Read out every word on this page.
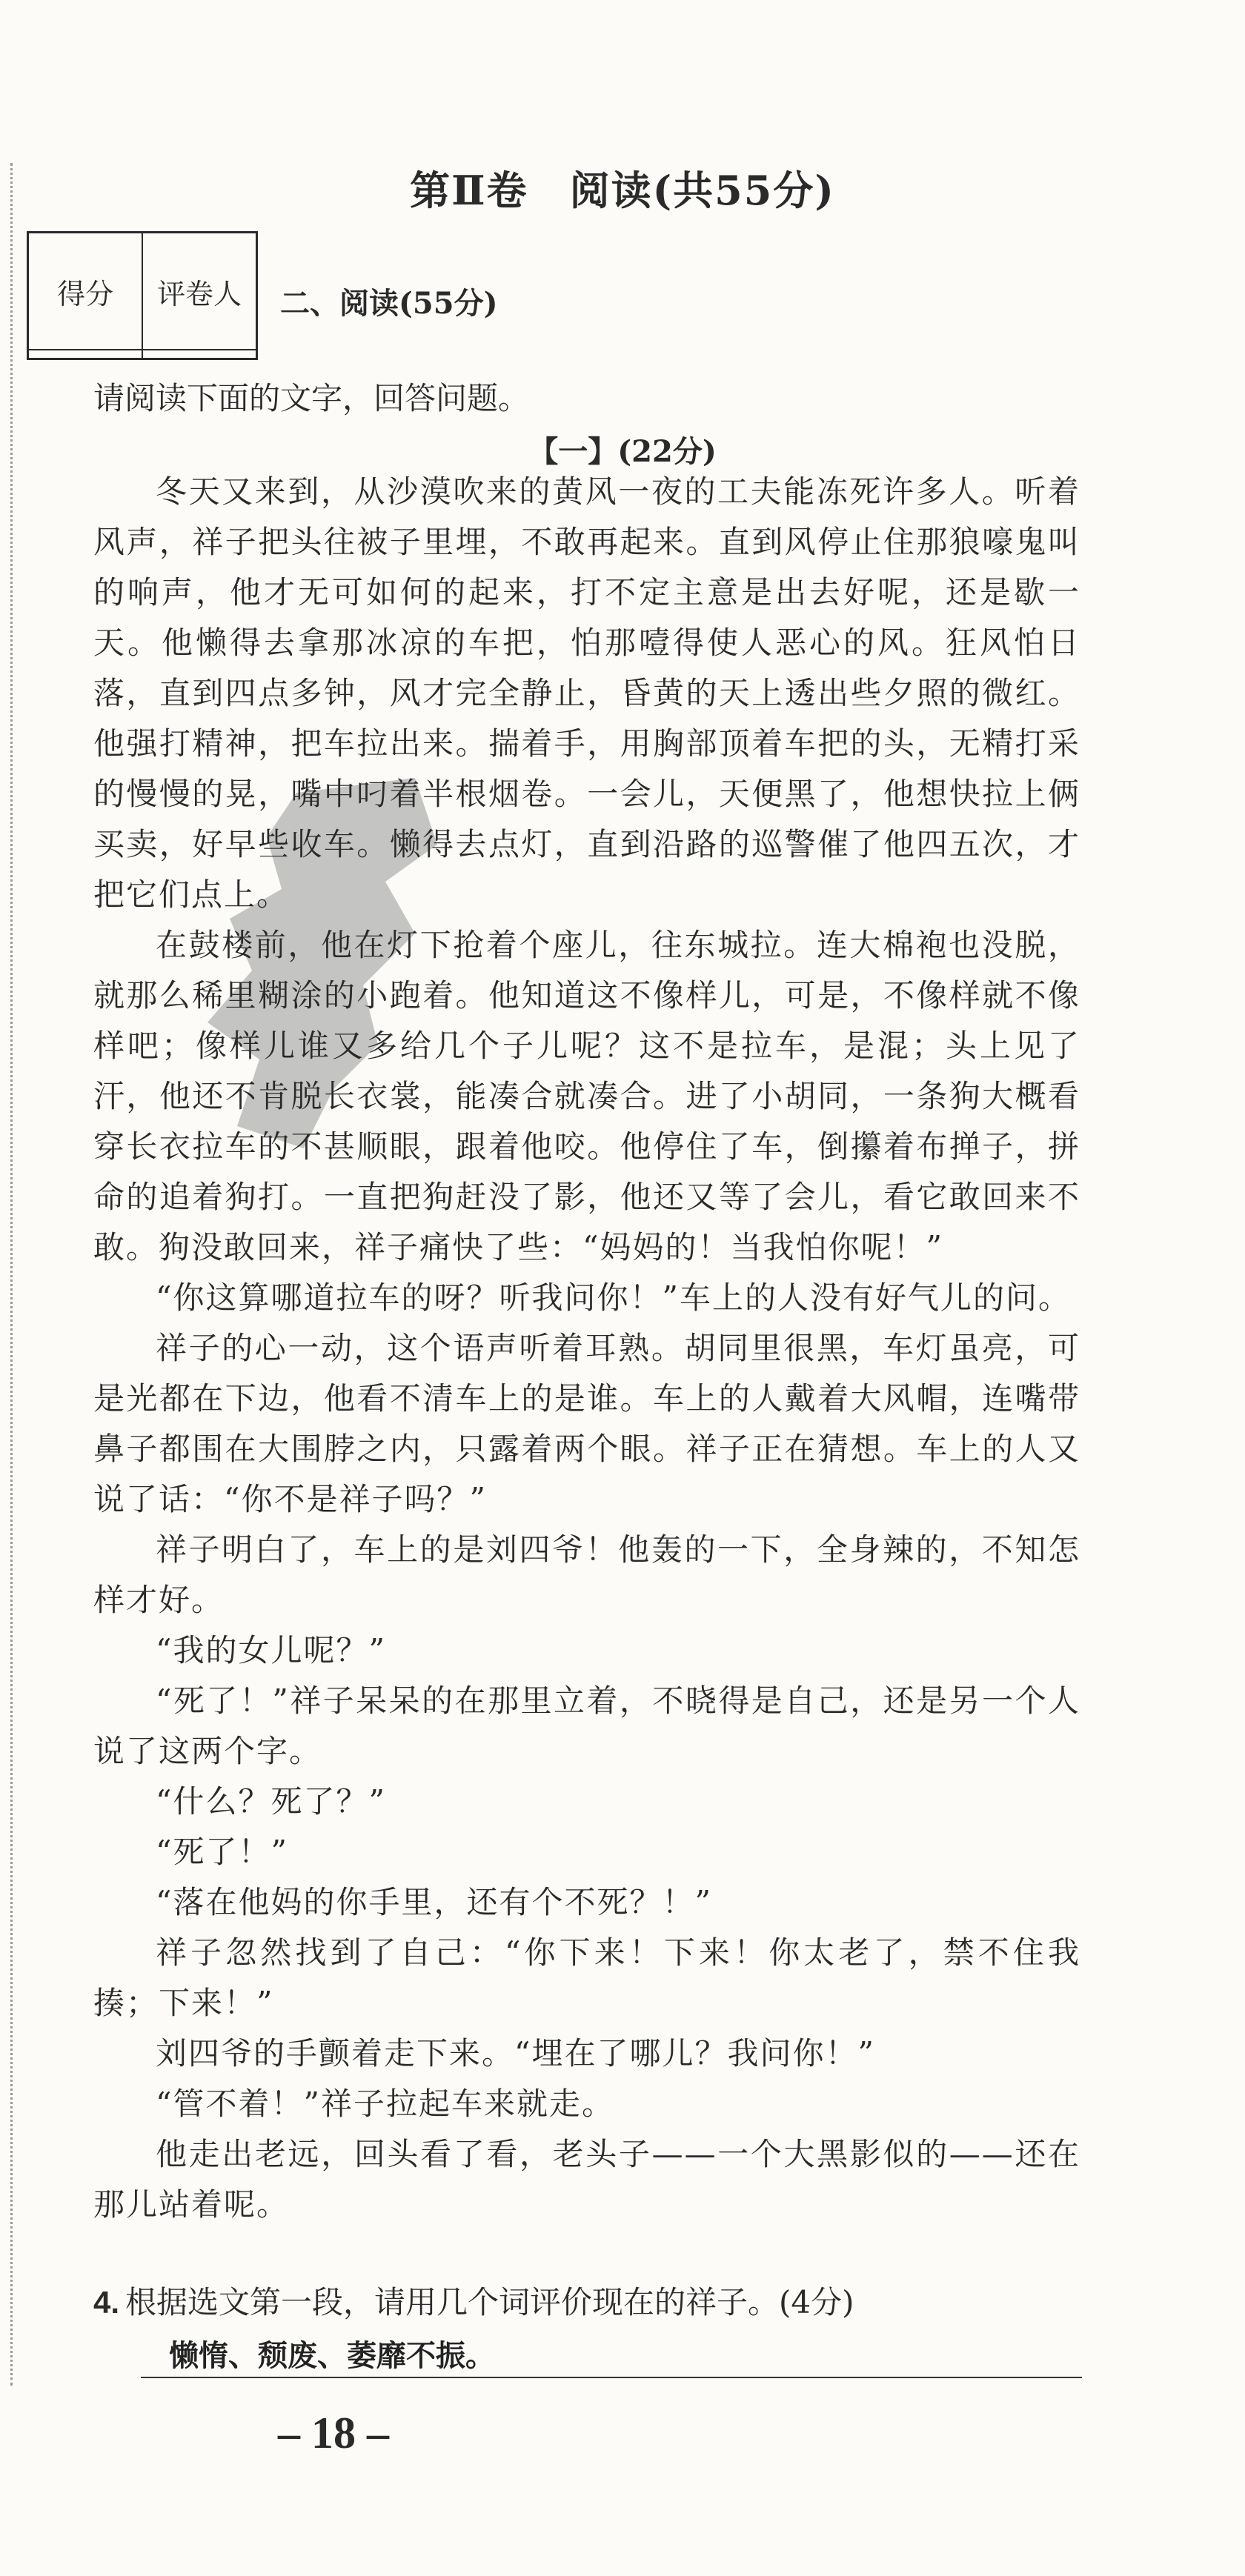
第Ⅱ卷　阅读(共55分)
得分	评卷人
	二、阅读(55分)
请阅读下面的文字，回答问题。
【一】(22分)

冬天又来到，从沙漠吹来的黄风一夜的工夫能冻死许多人。听着风声，祥子把头往被子里埋，不敢再起来。直到风停止住那狼嚎鬼叫的响声，他才无可如何的起来，打不定主意是出去好呢，还是歇一天。他懒得去拿那冰凉的车把，怕那噎得使人恶心的风。狂风怕日落，直到四点多钟，风才完全静止，昏黄的天上透出些夕照的微红。他强打精神，把车拉出来。揣着手，用胸部顶着车把的头，无精打采的慢慢的晃，嘴中叼着半根烟卷。一会儿，天便黑了，他想快拉上俩买卖，好早些收车。懒得去点灯，直到沿路的巡警催了他四五次，才把它们点上。

在鼓楼前，他在灯下抢着个座儿，往东城拉。连大棉袍也没脱，就那么稀里糊涂的小跑着。他知道这不像样儿，可是，不像样就不像样吧；像样儿谁又多给几个子儿呢？这不是拉车，是混；头上见了汗，他还不肯脱长衣裳，能凑合就凑合。进了小胡同，一条狗大概看穿长衣拉车的不甚顺眼，跟着他咬。他停住了车，倒攥着布掸子，拼命的追着狗打。一直把狗赶没了影，他还又等了会儿，看它敢回来不敢。狗没敢回来，祥子痛快了些：“妈妈的！当我怕你呢！”

“你这算哪道拉车的呀？听我问你！”车上的人没有好气儿的问。

祥子的心一动，这个语声听着耳熟。胡同里很黑，车灯虽亮，可是光都在下边，他看不清车上的是谁。车上的人戴着大风帽，连嘴带鼻子都围在大围脖之内，只露着两个眼。祥子正在猜想。车上的人又说了话：“你不是祥子吗？”

祥子明白了，车上的是刘四爷！他轰的一下，全身辣的，不知怎样才好。

“我的女儿呢？”

“死了！”祥子呆呆的在那里立着，不晓得是自己，还是另一个人说了这两个字。

“什么？死了？”

“死了！”

“落在他妈的你手里，还有个不死？！”

祥子忽然找到了自己：“你下来！下来！你太老了，禁不住我揍；下来！”

刘四爷的手颤着走下来。“埋在了哪儿？我问你！”

“管不着！”祥子拉起车来就走。

他走出老远，回头看了看，老头子——一个大黑影似的——还在那儿站着呢。

4. 根据选文第一段，请用几个词评价现在的祥子。(4分)
懒惰、颓废、萎靡不振。
– 18 –
